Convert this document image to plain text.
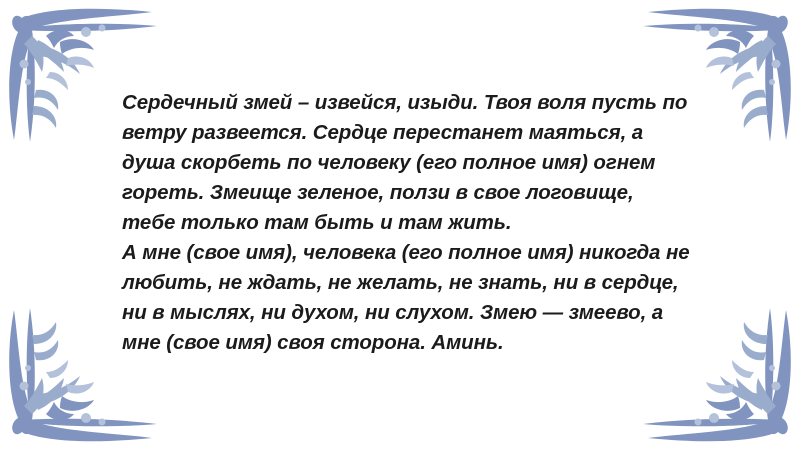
Сердечный змей – извейся, изыди. Твоя воля пусть по ветру развеется. Сердце перестанет маяться, а душа скорбеть по человеку (его полное имя) огнем гореть. Змеище зеленое, ползи в свое логовище, тебе только там быть и там жить.

А мне (свое имя), человека (его полное имя) никогда не любить, не ждать, не желать, не знать, ни в сердце, ни в мыслях, ни духом, ни слухом. Змею — змеево, а мне (свое имя) своя сторона. Аминь.
